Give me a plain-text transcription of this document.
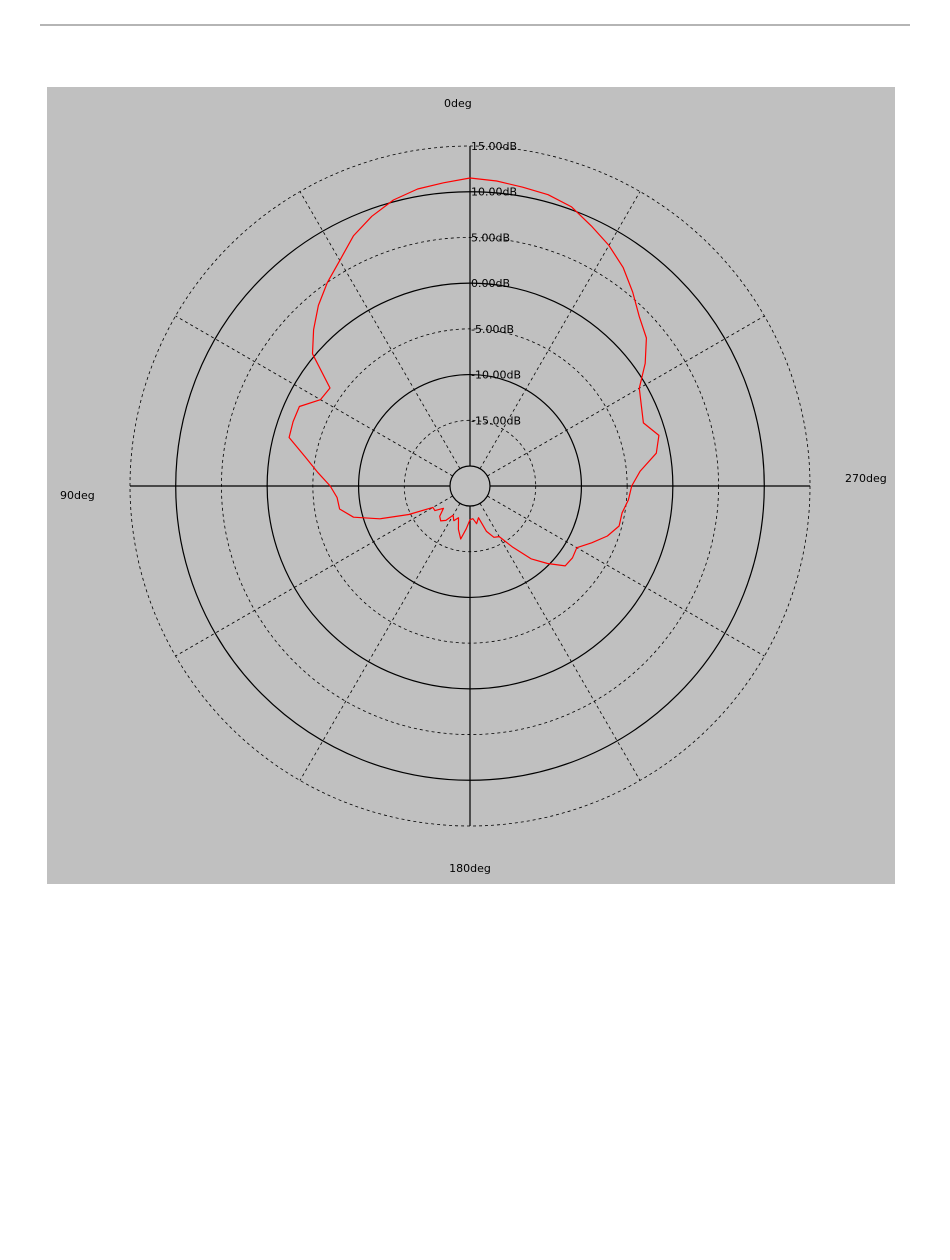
15.00dB
10.00dB
5.00dB
0.00dB
-5.00dB
-10.00dB
-15.00dB
0deg
90deg
180deg
270deg
